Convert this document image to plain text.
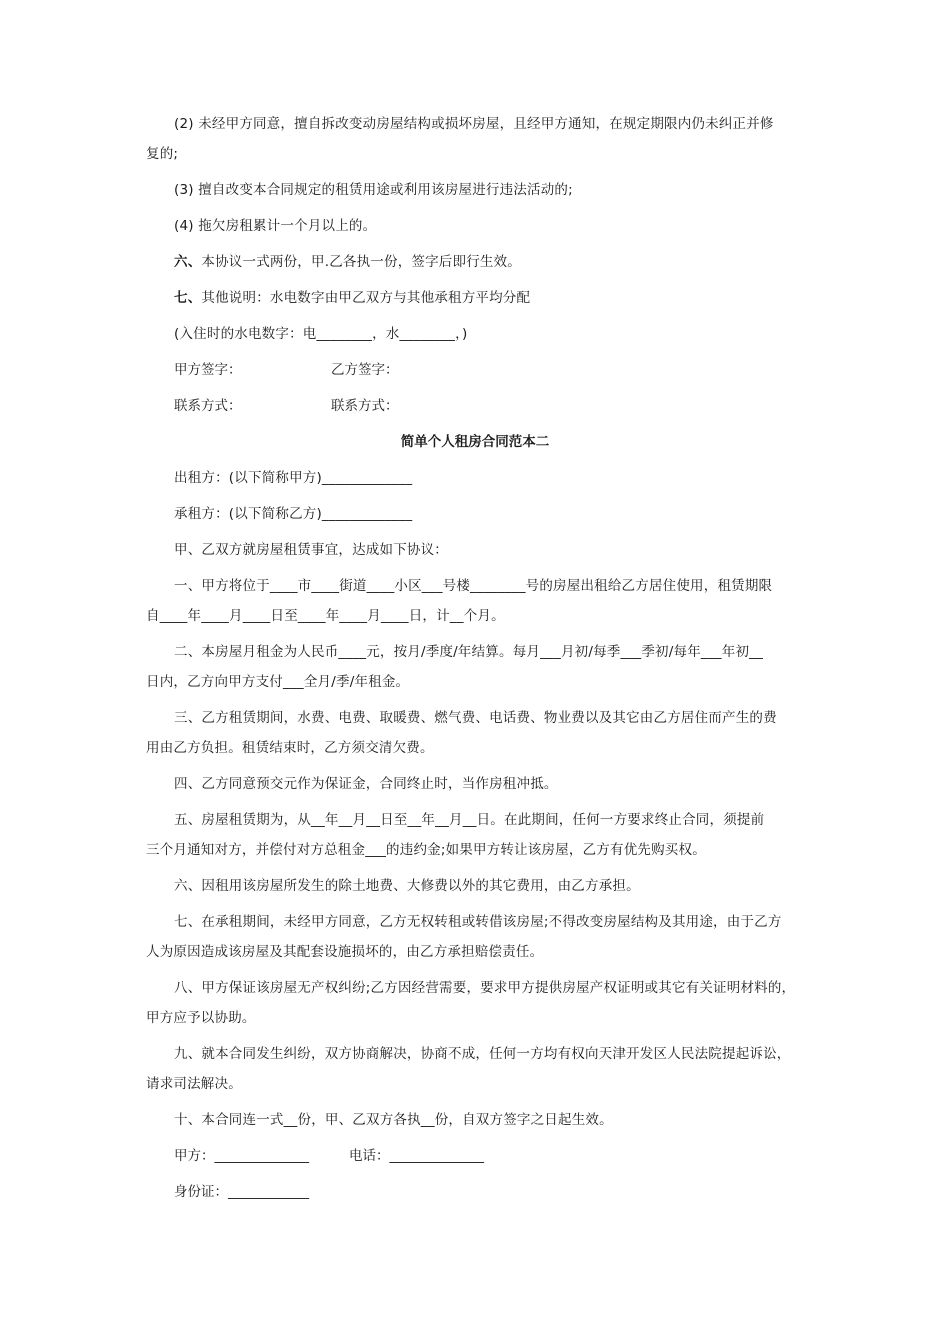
(2) 未经甲方同意，擅自拆改变动房屋结构或损坏房屋，且经甲方通知，在规定期限内仍未纠正并修
复的;
(3) 擅自改变本合同规定的租赁用途或利用该房屋进行违法活动的;
(4) 拖欠房租累计一个月以上的。
六、本协议一式两份，甲.乙各执一份，签字后即行生效。
七、其他说明：水电数字由甲乙双方与其他承租方平均分配
(入住时的水电数字：电________，水________，)
甲方签字：	乙方签字：
联系方式：	联系方式：
简单个人租房合同范本二
出租方：(以下简称甲方)_____________
承租方：(以下简称乙方)_____________
甲、乙双方就房屋租赁事宜，达成如下协议：
一、甲方将位于____市____街道____小区___号楼________号的房屋出租给乙方居住使用，租赁期限
自____年____月____日至____年____月____日，计__个月。
二、本房屋月租金为人民币____元，按月/季度/年结算。每月___月初/每季___季初/每年___年初__
日内，乙方向甲方支付___全月/季/年租金。
三、乙方租赁期间，水费、电费、取暖费、燃气费、电话费、物业费以及其它由乙方居住而产生的费
用由乙方负担。租赁结束时，乙方须交清欠费。
四、乙方同意预交元作为保证金，合同终止时，当作房租冲抵。
五、房屋租赁期为，从__年__月__日至__年__月__日。在此期间，任何一方要求终止合同，须提前
三个月通知对方，并偿付对方总租金___的违约金;如果甲方转让该房屋，乙方有优先购买权。
六、因租用该房屋所发生的除土地费、大修费以外的其它费用，由乙方承担。
七、在承租期间，未经甲方同意，乙方无权转租或转借该房屋;不得改变房屋结构及其用途，由于乙方
人为原因造成该房屋及其配套设施损坏的，由乙方承担赔偿责任。
八、甲方保证该房屋无产权纠纷;乙方因经营需要，要求甲方提供房屋产权证明或其它有关证明材料的，
甲方应予以协助。
九、就本合同发生纠纷，双方协商解决，协商不成，任何一方均有权向天津开发区人民法院提起诉讼，
请求司法解决。
十、本合同连一式__份，甲、乙双方各执__份，自双方签字之日起生效。
甲方：______________	电话：______________
身份证：____________
